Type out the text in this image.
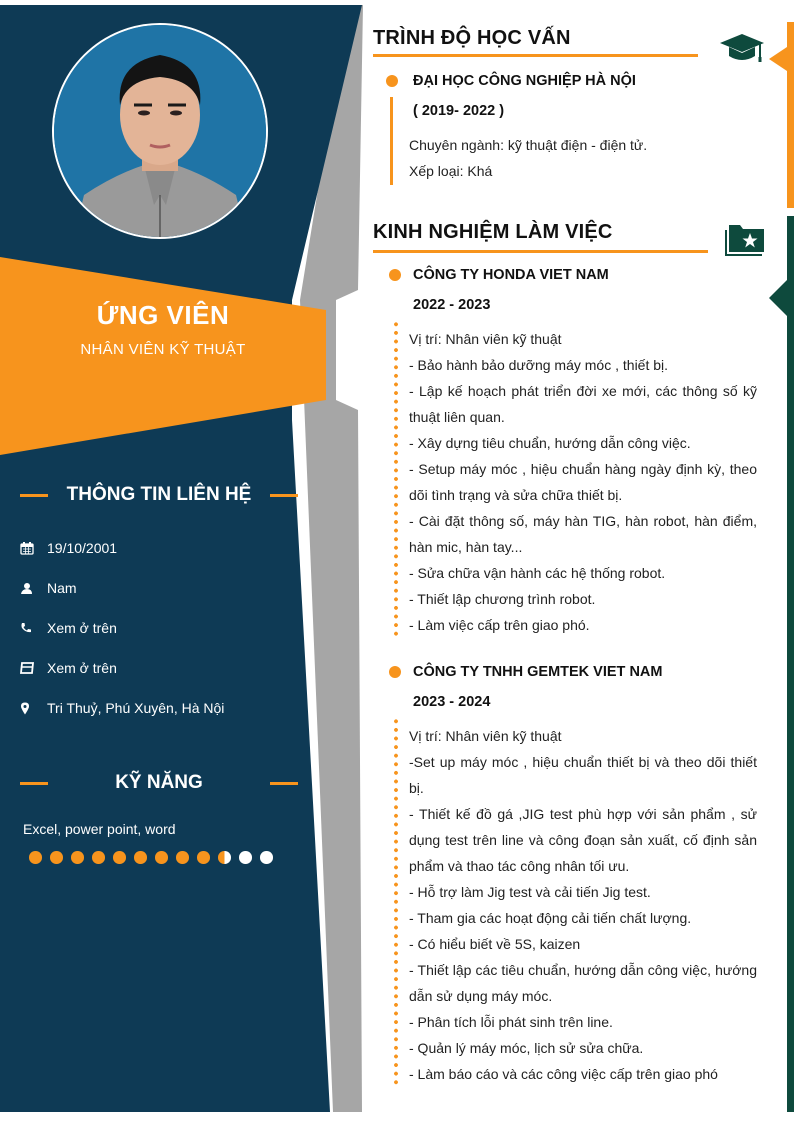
ỨNG VIÊN
NHÂN VIÊN KỸ THUẬT
THÔNG TIN LIÊN HỆ
19/10/2001
Nam
Xem ở trên
Xem ở trên
Tri Thuỷ, Phú Xuyên, Hà Nội
KỸ NĂNG
Excel, power point, word
TRÌNH ĐỘ HỌC VẤN
ĐẠI HỌC CÔNG NGHIỆP HÀ NỘI
( 2019- 2022 )

Chuyên ngành: kỹ thuật điện - điện tử.

Xếp loại: Khá

KINH NGHIỆM LÀM VIỆC
CÔNG TY HONDA VIET NAM
2022 - 2023

Vị trí: Nhân viên kỹ thuật

- Bảo hành bảo dưỡng máy móc , thiết bị.

- Lập kế hoạch phát triển đời xe mới, các thông số kỹ thuật liên quan.

- Xây dựng tiêu chuẩn, hướng dẫn công việc.

- Setup máy móc , hiệu chuẩn hàng ngày định kỳ, theo dõi tình trạng và sửa chữa thiết bị.

- Cài đặt thông số, máy hàn TIG, hàn robot, hàn điểm, hàn mic, hàn tay...

- Sửa chữa vận hành các hệ thống robot.

- Thiết lập chương trình robot.

- Làm việc cấp trên giao phó.

CÔNG TY TNHH GEMTEK VIET NAM
2023 - 2024

Vị trí: Nhân viên kỹ thuật

-Set up máy móc , hiệu chuẩn thiết bị và theo dõi thiết bị.

- Thiết kế đồ gá ,JIG test phù hợp với sản phẩm , sử dụng test trên line và công đoạn sản xuất, cố định sản phẩm và thao tác công nhân tối ưu.

- Hỗ trợ làm Jig test và cải tiến Jig test.

- Tham gia các hoạt động cải tiến chất lượng.

- Có hiểu biết về 5S, kaizen

- Thiết lập các tiêu chuẩn, hướng dẫn công việc, hướng dẫn sử dụng máy móc.

- Phân tích lỗi phát sinh trên line.

- Quản lý máy móc, lịch sử sửa chữa.

- Làm báo cáo và các công việc cấp trên giao phó
